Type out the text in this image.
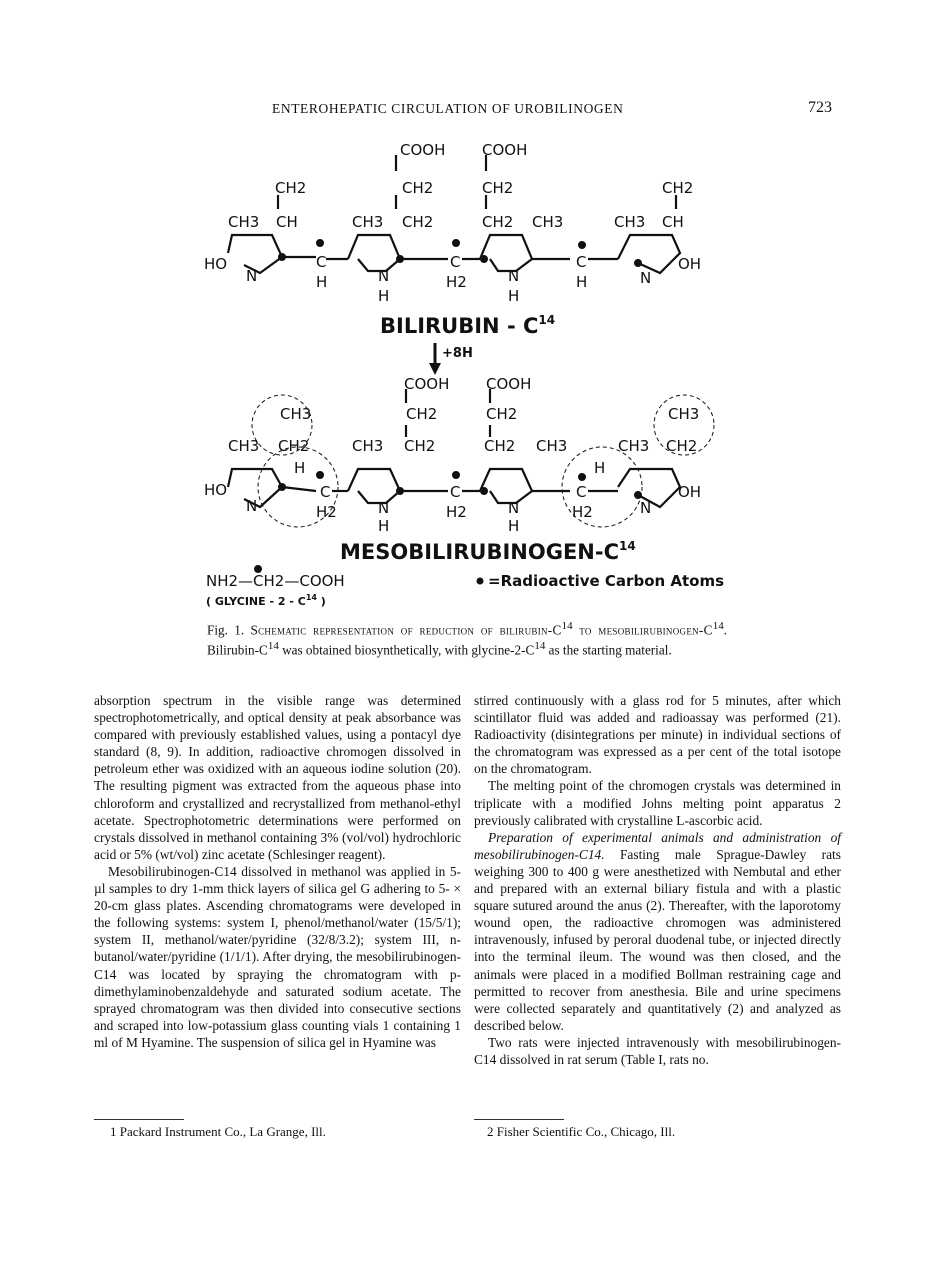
ENTEROHEPATIC CIRCULATION OF UROBILINOGEN	723
COOH COOH
CH2	CH2	CH2	CH2
CH3 CH	CH3 CH2	CH2 CH3	CH3 CH
HO
N
C
H	N
H
C
H2	N
H
C
H	N
OH
BILIRUBIN - $C^{14}$
+8H
COOH COOH
CH3	CH2	CH2	CH3
CH3 CH2	CH3 CH2	CH2 CH3	CH3 CH2
H	H
HO
N
C
H2	N
H
C
H2	N
H
C
H2	N
OH
MESOBILIRUBINOGEN-$C^{14}$
NH2—CH2—COOH
( GLYCINE - $2 - C^{14}$ )
=Radioactive Carbon Atoms
Fig. 1. Schematic representation of reduction of bilirubin-$C^{14}$ to mesobilirubinogen-$C^{14}$. Bilirubin-$C^{14}$ was obtained biosynthetically, with glycine-$2-C^{14}$ as the starting material.

absorption spectrum in the visible range was determined spectrophotometrically, and optical density at peak absorbance was compared with previously established values, using a pontacyl dye standard (8, 9). In addition, radioactive chromogen dissolved in petroleum ether was oxidized with an aqueous iodine solution (20). The resulting pigment was extracted from the aqueous phase into chloroform and crystallized and recrystallized from methanol-ethyl acetate. Spectrophotometric determinations were performed on crystals dissolved in methanol containing 3% (vol/vol) hydrochloric acid or 5% (wt/vol) zinc acetate (Schlesinger reagent).

Mesobilirubinogen-C14 dissolved in methanol was applied in 5-µl samples to dry 1-mm thick layers of silica gel G adhering to 5- × 20-cm glass plates. Ascending chromatograms were developed in the following systems: system I, phenol/methanol/water (15/5/1); system II, methanol/water/pyridine (32/8/3.2); system III, n-butanol/water/pyridine (1/1/1). After drying, the mesobilirubinogen-C14 was located by spraying the chromatogram with p-dimethylaminobenzaldehyde and saturated sodium acetate. The sprayed chromatogram was then divided into consecutive sections and scraped into low-potassium glass counting vials 1 containing 1 ml of M Hyamine. The suspension of silica gel in Hyamine was

stirred continuously with a glass rod for 5 minutes, after which scintillator fluid was added and radioassay was performed (21). Radioactivity (disintegrations per minute) in individual sections of the chromatogram was expressed as a per cent of the total isotope on the chromatogram.

The melting point of the chromogen crystals was determined in triplicate with a modified Johns melting point apparatus 2 previously calibrated with crystalline L-ascorbic acid.

Preparation of experimental animals and administration of mesobilirubinogen-C14. Fasting male Sprague-Dawley rats weighing 300 to 400 g were anesthetized with Nembutal and ether and prepared with an external biliary fistula and with a plastic square sutured around the anus (2). Thereafter, with the laporotomy wound open, the radioactive chromogen was administered intravenously, infused by peroral duodenal tube, or injected directly into the terminal ileum. The wound was then closed, and the animals were placed in a modified Bollman restraining cage and permitted to recover from anesthesia. Bile and urine specimens were collected separately and quantitatively (2) and analyzed as described below.

Two rats were injected intravenously with mesobilirubinogen-C14 dissolved in rat serum (Table I, rats no.

1 Packard Instrument Co., La Grange, Ill.	2 Fisher Scientific Co., Chicago, Ill.
